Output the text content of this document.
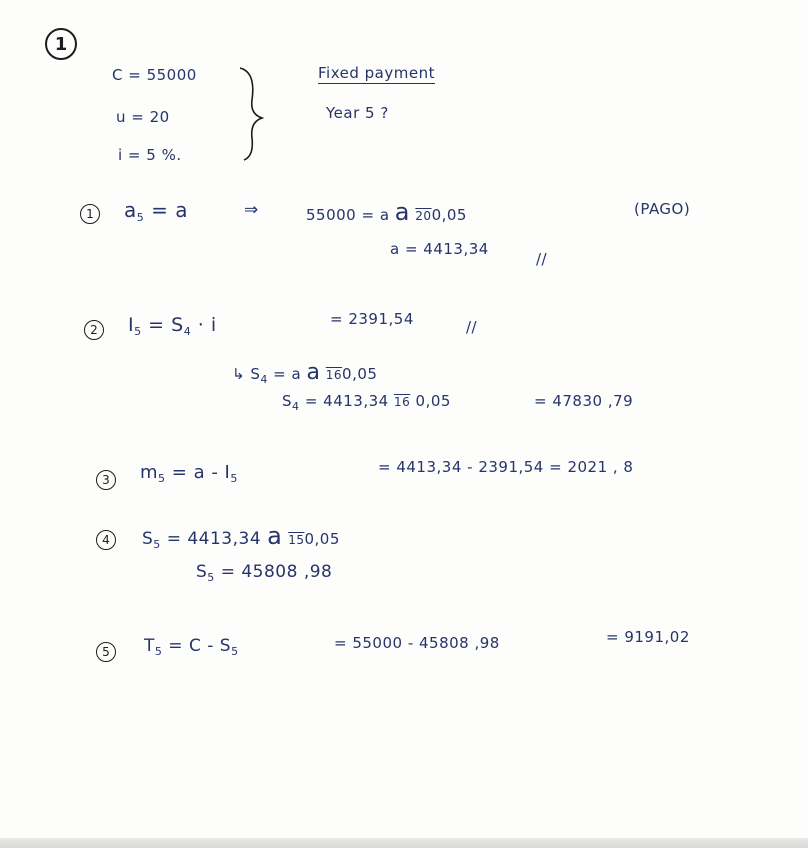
1
C = 55000
u = 20
i = 5 %.
Fixed payment
Year 5 ?
1 $a_5 = a$	⇒	55000 = a a 200,05	(PAGO)
a = 4413,34
//
2 $I_5 = S_4 \cdot i$	= 2391,54	//
↳ $S_4 = a$ a 160,05
$S_4 = 4413,34$ 16 0,05	= 47830 ,79
3 $m_5 = a - I_5$
= 4413,34 - 2391,54 = 2021 , 8
4 $S_5 = 4413,34$ a 150,05
$S_5 = 45808$ ,98
5 $T_5 = C - S_5$	= 55000 - 45808 ,98	= 9191,02
